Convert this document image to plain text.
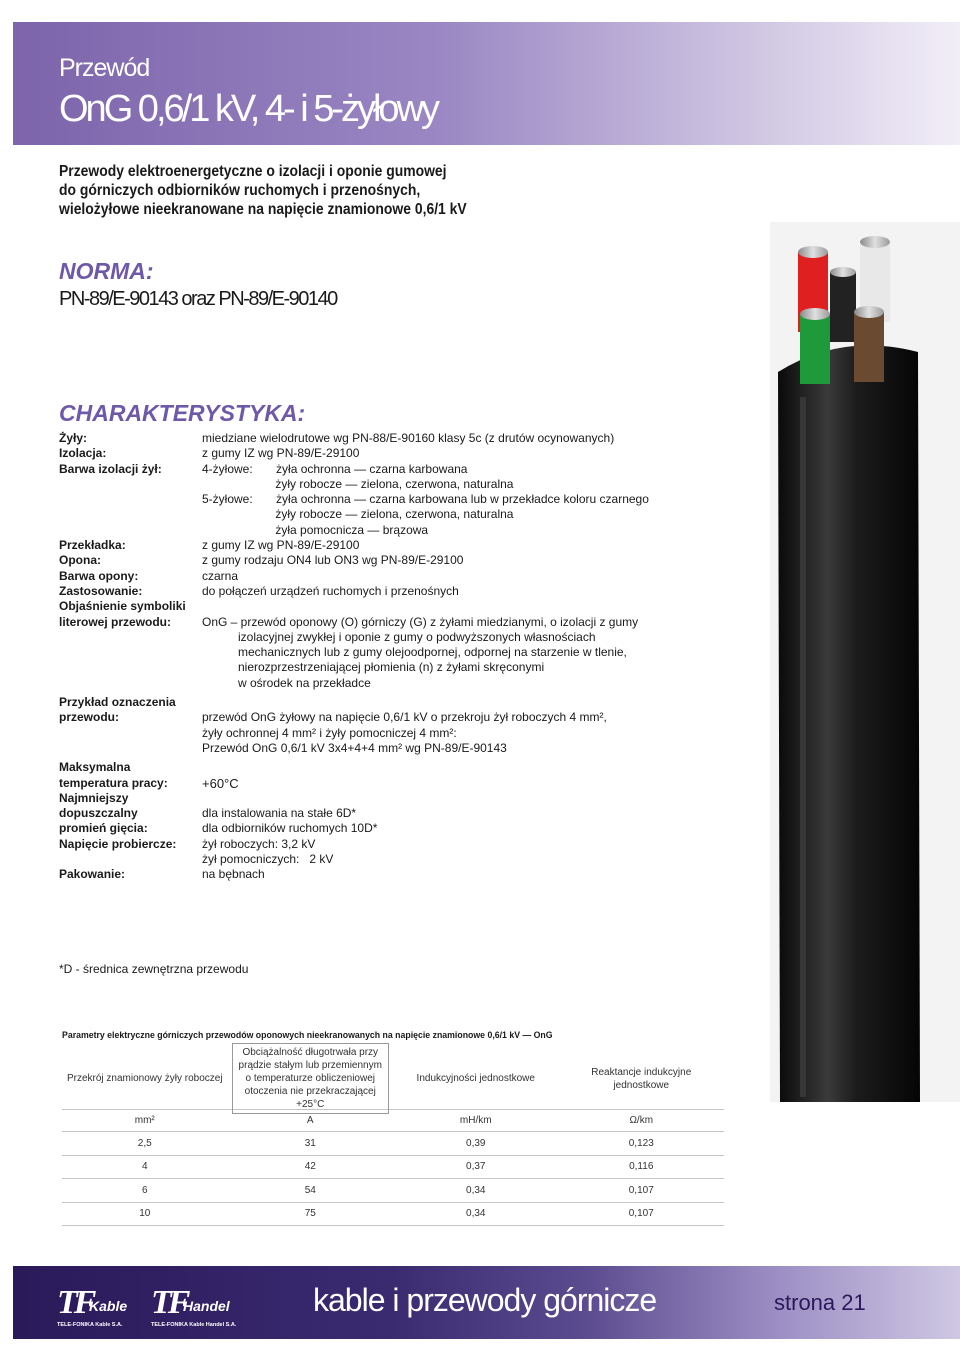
Przewód
OnG 0,6/1 kV, 4- i 5-żyłowy
Przewody elektroenergetyczne o izolacji i oponie gumowej
do górniczych odbiorników ruchomych i przenośnych,
wielożyłowe nieekranowane na napięcie znamionowe 0,6/1 kV
NORMA:
PN-89/E-90143 oraz PN-89/E-90140
CHARAKTERYSTYKA:
Żyły:	miedziane wielodrutowe wg PN-88/E-90160 klasy 5c (z drutów ocynowanych)
Izolacja:	z gumy IZ wg PN-89/E-29100
Barwa izolacji żył:	4-żyłowe:       żyła ochronna — czarna karbowana
żyły robocze — zielona, czerwona, naturalna
5-żyłowe:       żyła ochronna — czarna karbowana lub w przekładce koloru czarnego
żyły robocze — zielona, czerwona, naturalna
żyła pomocnicza — brązowa
Przekładka:	z gumy IZ wg PN-89/E-29100
Opona:	z gumy rodzaju ON4 lub ON3 wg PN-89/E-29100
Barwa opony:	czarna
Zastosowanie:	do połączeń urządzeń ruchomych i przenośnych
Objaśnienie symboliki
literowej przewodu:	OnG – przewód oponowy (O) górniczy (G) z żyłami miedzianymi, o izolacji z gumy
izolacyjnej zwykłej i oponie z gumy o podwyższonych własnościach
mechanicznych lub z gumy olejoodpornej, odpornej na starzenie w tlenie,
nierozprzestrzeniającej płomienia (n) z żyłami skręconymi
w ośrodek na przekładce
Przykład oznaczenia
przewodu:	przewód OnG żyłowy na napięcie 0,6/1 kV o przekroju żył roboczych 4 mm²,
żyły ochronnej 4 mm² i żyły pomocniczej 4 mm²:
Przewód OnG 0,6/1 kV 3x4+4+4 mm² wg PN-89/E-90143
Maksymalna
temperatura pracy:	+60°C
Najmniejszy dopuszczalny
promień gięcia:
dla instalowania na stałe 6D*
dla odbiorników ruchomych 10D*
Napięcie probiercze:	żył roboczych: 3,2 kV
żył pomocniczych:   2 kV
Pakowanie:	na bębnach
*D - średnica zewnętrzna przewodu
Parametry elektryczne górniczych przewodów oponowych nieekranowanych na napięcie znamionowe 0,6/1 kV — OnG
Przekrój znamionowy żyły roboczej
Obciążalność długotrwała przy prądzie stałym lub przemiennym o temperaturze obliczeniowej otoczenia nie przekraczającej +25°C
Indukcyjności jednostkowe
Reaktancje indukcyjne jednostkowe
mm²	A	mH/km	Ω/km
2,5	31	0,39	0,123
4	42	0,37	0,116
6	54	0,34	0,107
10	75	0,34	0,107
TF
Kable
TELE-FONIKA Kable S.A.
TF
Handel
TELE-FONIKA Kable Handel S.A.
kable i przewody górnicze	strona 21
